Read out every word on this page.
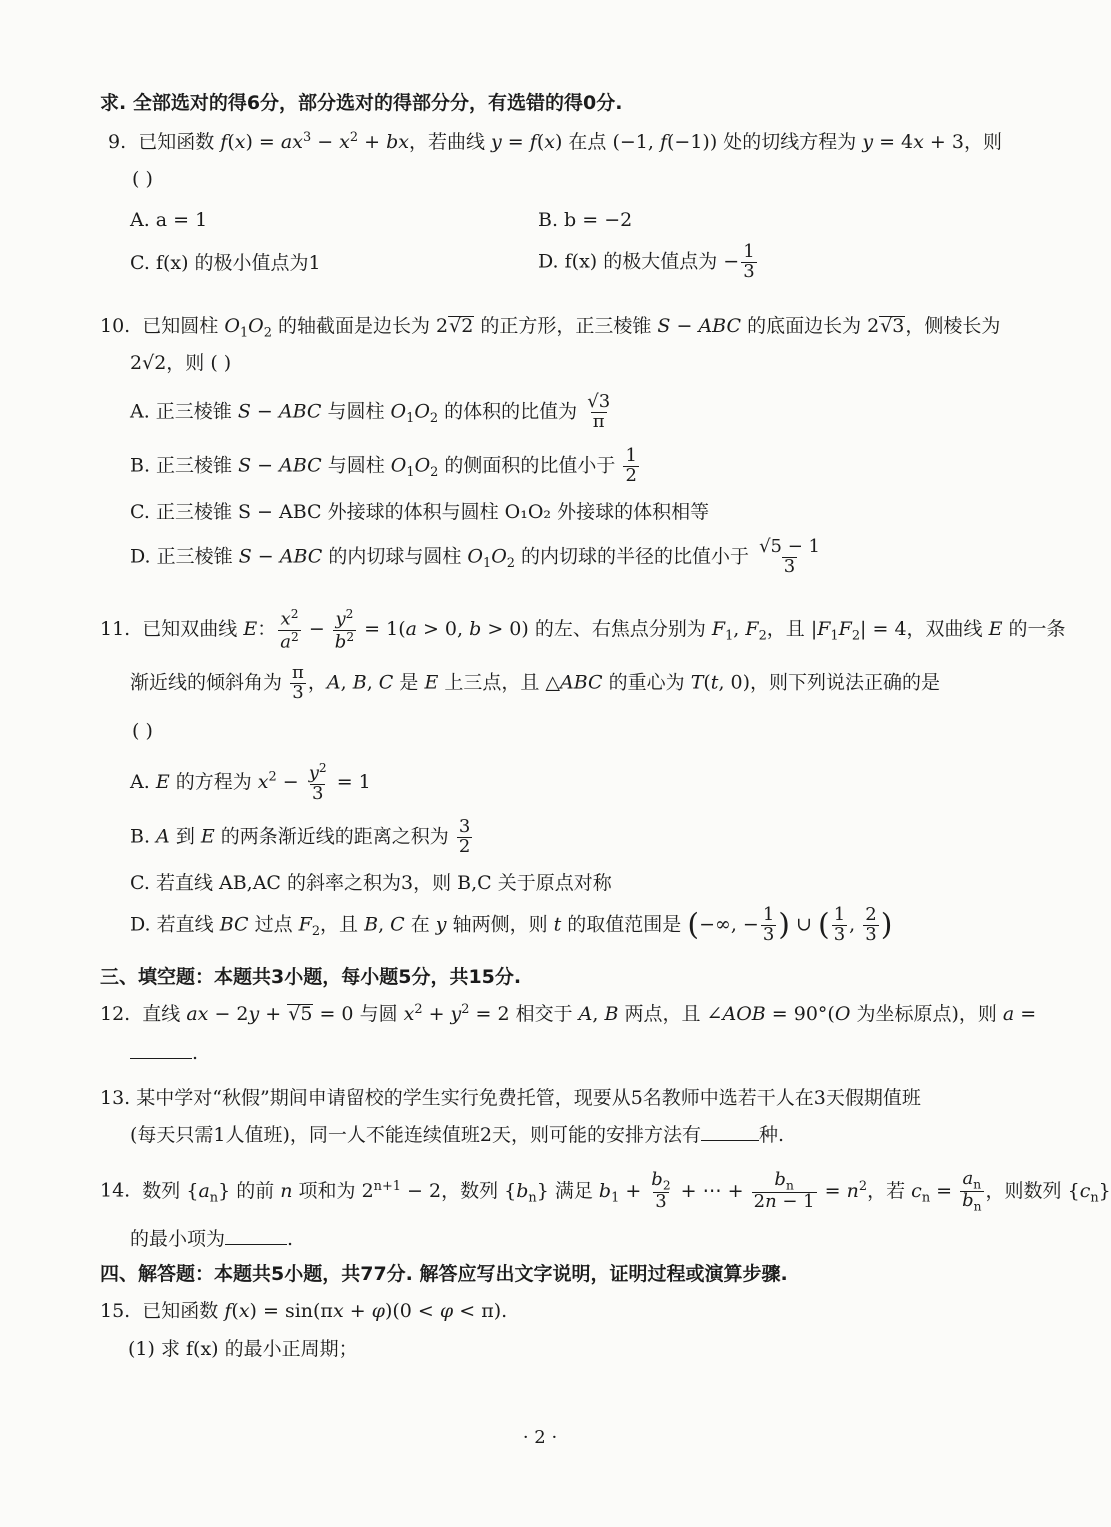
求. 全部选对的得6分，部分选对的得部分分，有选错的得0分.
9.  已知函数 $f(x) = ax^3 - x^2$ + bx，若曲线 y = f(x) 在点 (−1, f(−1)) 处的切线方程为 y = 4x + 3，则
( )
A. a = 1	B. b = −2
C. f(x) 的极小值点为1	D. f(x) 的极大值点为 − $\frac{1}{3}$
10.  已知圆柱 $O_1O_2$ 的轴截面是边长为 2√2 的正方形，正三棱锥 S − ABC 的底面边长为 2√3，侧棱长为
2√2，则 ( )
A. 正三棱锥 S − ABC 与圆柱 $O_1O_2$ 的体积的比值为 $\frac{√3}{\pi}$
B. 正三棱锥 S − ABC 与圆柱 $O_1O_2$ 的侧面积的比值小于 $\frac{1}{2}$
C. 正三棱锥 S − ABC 外接球的体积与圆柱 O₁O₂ 外接球的体积相等
D. 正三棱锥 S − ABC 的内切球与圆柱 $O_1O_2$ 的内切球的半径的比值小于 $\frac{√5 - 1}{3}$
11.  已知双曲线 E： $\frac{x^2}{a^2} - \frac{y^2}{b^2} = 1(a > 0$, b > 0) 的左、右焦点分别为 $F_1$, $F_2$，且 $|F_1F_2| = 4$，双曲线 E 的一条
渐近线的倾斜角为 $\frac{\pi}{3}$ ，A, B, C 是 E 上三点，且 △ABC 的重心为 T(t, 0)，则下列说法正确的是
( )
A. E 的方程为 $x^2 - \frac{y^2}{3} = 1$
B. A 到 E 的两条渐近线的距离之积为 $\frac{3}{2}$
C. 若直线 AB,AC 的斜率之积为3，则 B,C 关于原点对称
D. 若直线 BC 过点 $F_2$，且 B, C 在 y 轴两侧，则 t 的取值范围是 (−∞, − $\frac{1}{3}$ ) ∪ ( $\frac{1}{3}$ , $\frac{2}{3}$ )
三、填空题：本题共3小题，每小题5分，共15分.
12.  直线 ax − 2y + √5 = 0 与圆 $x^2 + y^2 = 2$ 相交于 A, B 两点，且 ∠AOB = 90°(O 为坐标原点)，则 a =
.
13. 某中学对“秋假”期间申请留校的学生实行免费托管，现要从5名教师中选若干人在3天假期值班
(每天只需1人值班)，同一人不能连续值班2天，则可能的安排方法有	种.
14.  数列 $\{a_n\}$ 的前 n 项和为 $2^{n+1} - 2$，数列 $\{b_n\}$ 满足 $b_1 + \frac{b_2}{3}$ + ⋯ + $\frac{b_n}{2n - 1} = n^2$，若 $c_n = \frac{a_n}{b_n}$ ，则数列 $\{c_n\}$
的最小项为	.
四、解答题：本题共5小题，共77分. 解答应写出文字说明，证明过程或演算步骤.
15.  已知函数 f(x) = sin(πx + φ)(0 < φ < π).
(1) 求 f(x) 的最小正周期；
· 2 ·
